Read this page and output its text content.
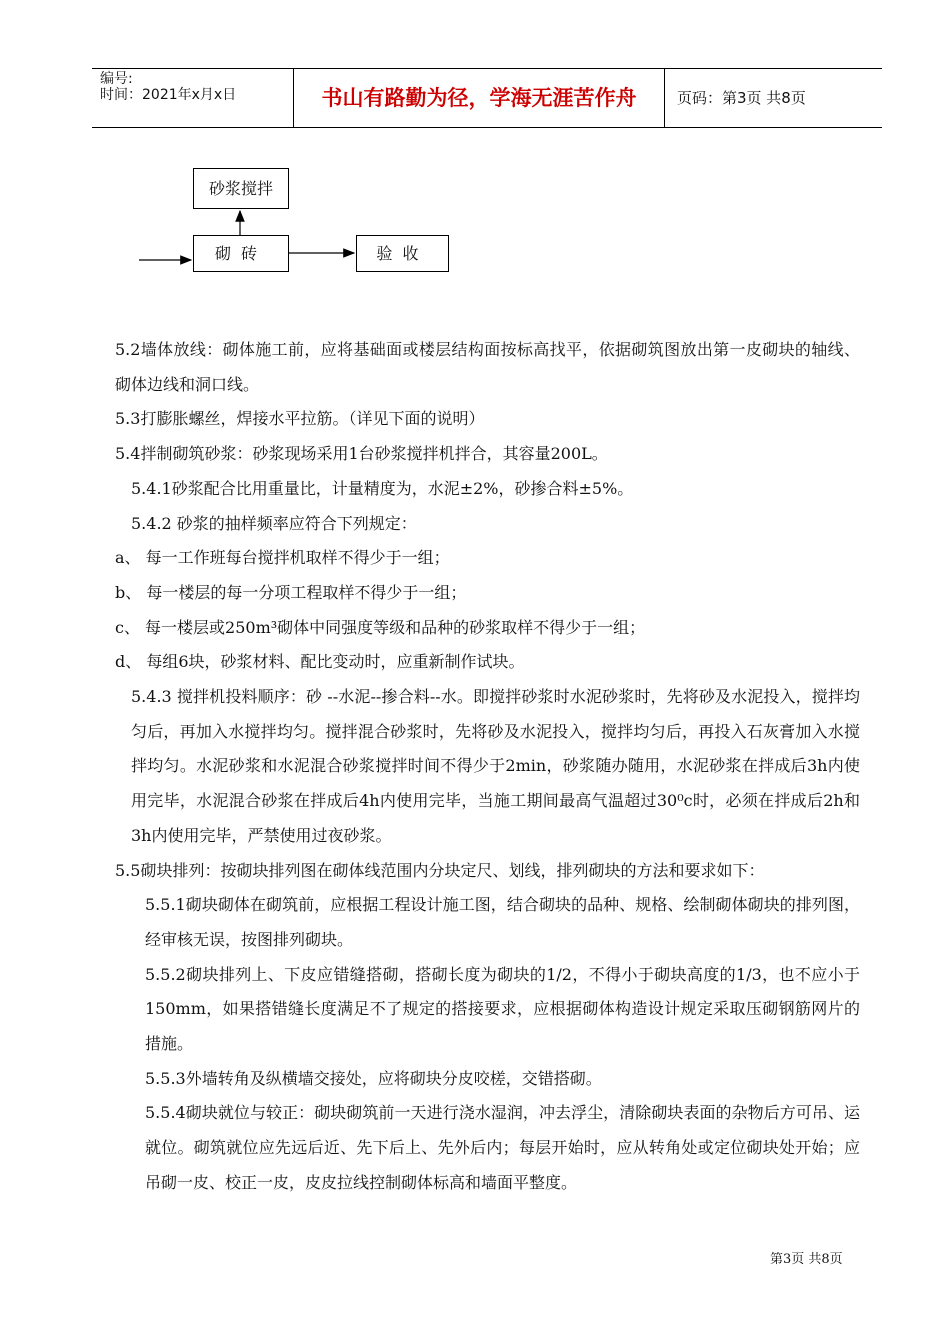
编号:
时间：2021年x月x日	书山有路勤为径，学海无涯苦作舟	页码：第3页 共8页
砂浆搅拌
砌砖	验收
5.2墙体放线：砌体施工前，应将基础面或楼层结构面按标高找平，依据砌筑图放出第一皮砌块的轴线、砌体边线和洞口线。
5.3打膨胀螺丝，焊接水平拉筋。（详见下面的说明）
5.4拌制砌筑砂浆：砂浆现场采用1台砂浆搅拌机拌合，其容量200L。
5.4.1砂浆配合比用重量比，计量精度为，水泥±2%，砂掺合料±5%。
5.4.2 砂浆的抽样频率应符合下列规定：
a、 每一工作班每台搅拌机取样不得少于一组；
b、 每一楼层的每一分项工程取样不得少于一组；
c、 每一楼层或250m³砌体中同强度等级和品种的砂浆取样不得少于一组；
d、 每组6块，砂浆材料、配比变动时，应重新制作试块。
5.4.3 搅拌机投料顺序：砂 --水泥--掺合料--水。即搅拌砂浆时水泥砂浆时，先将砂及水泥投入，搅拌均匀后，再加入水搅拌均匀。搅拌混合砂浆时，先将砂及水泥投入，搅拌均匀后，再投入石灰膏加入水搅拌均匀。水泥砂浆和水泥混合砂浆搅拌时间不得少于2min，砂浆随办随用，水泥砂浆在拌成后3h内使用完毕，水泥混合砂浆在拌成后4h内使用完毕，当施工期间最高气温超过30⁰c时，必须在拌成后2h和3h内使用完毕，严禁使用过夜砂浆。
5.5砌块排列：按砌块排列图在砌体线范围内分块定尺、划线，排列砌块的方法和要求如下：
5.5.1砌块砌体在砌筑前，应根据工程设计施工图，结合砌块的品种、规格、绘制砌体砌块的排列图，经审核无误，按图排列砌块。
5.5.2砌块排列上、下皮应错缝搭砌，搭砌长度为砌块的1/2，不得小于砌块高度的1/3，也不应小于150mm，如果搭错缝长度满足不了规定的搭接要求，应根据砌体构造设计规定采取压砌钢筋网片的措施。
5.5.3外墙转角及纵横墙交接处，应将砌块分皮咬槎，交错搭砌。
5.5.4砌块就位与较正：砌块砌筑前一天进行浇水湿润，冲去浮尘，清除砌块表面的杂物后方可吊、运就位。砌筑就位应先远后近、先下后上、先外后内；每层开始时，应从转角处或定位砌块处开始；应吊砌一皮、校正一皮，皮皮拉线控制砌体标高和墙面平整度。
第3页 共8页
